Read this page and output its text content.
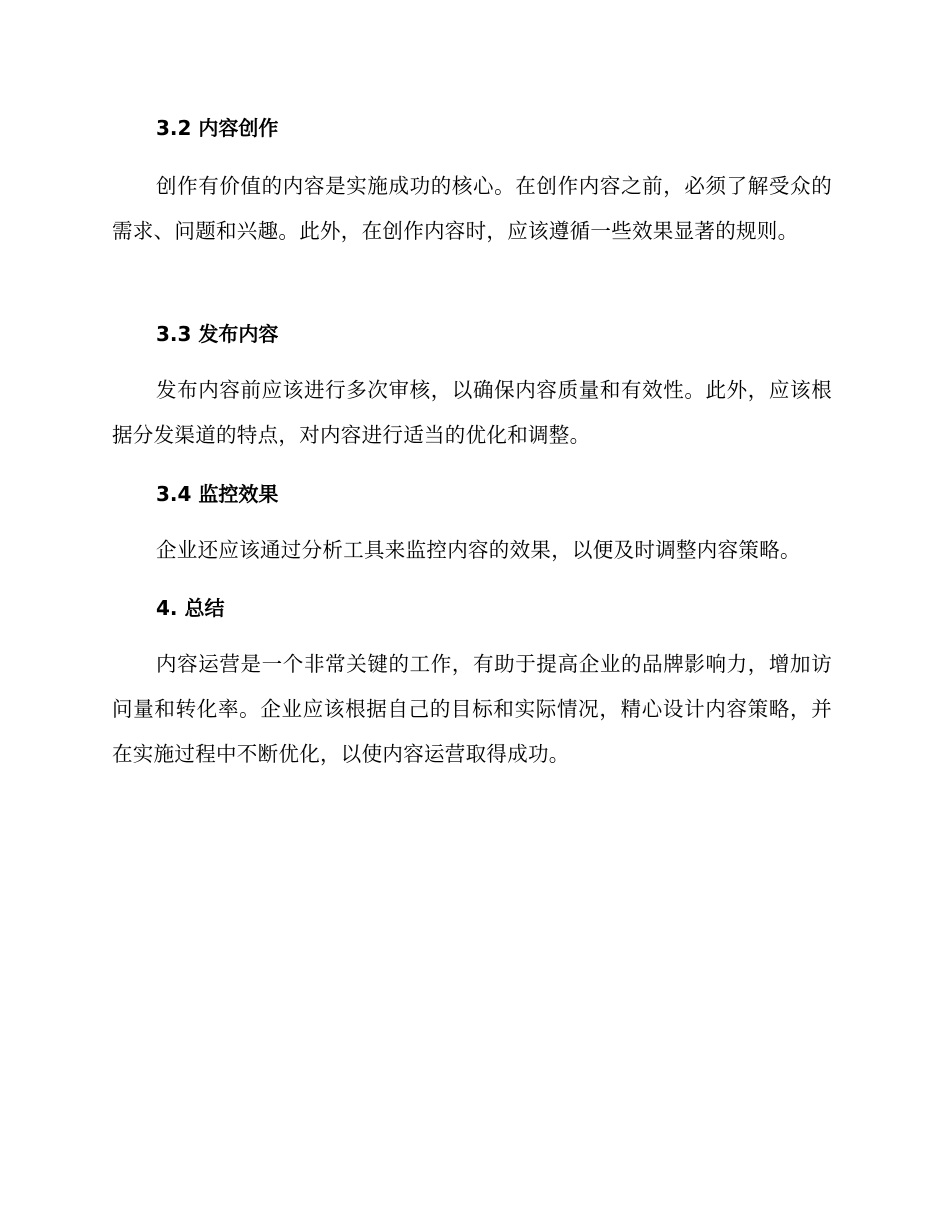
3.2 内容创作

创作有价值的内容是实施成功的核心。在创作内容之前，必须了解受众的需求、问题和兴趣。此外，在创作内容时，应该遵循一些效果显著的规则。

3.3 发布内容

发布内容前应该进行多次审核，以确保内容质量和有效性。此外，应该根据分发渠道的特点，对内容进行适当的优化和调整。

3.4 监控效果

企业还应该通过分析工具来监控内容的效果，以便及时调整内容策略。

4. 总结

内容运营是一个非常关键的工作，有助于提高企业的品牌影响力，增加访问量和转化率。企业应该根据自己的目标和实际情况，精心设计内容策略，并在实施过程中不断优化，以使内容运营取得成功。
